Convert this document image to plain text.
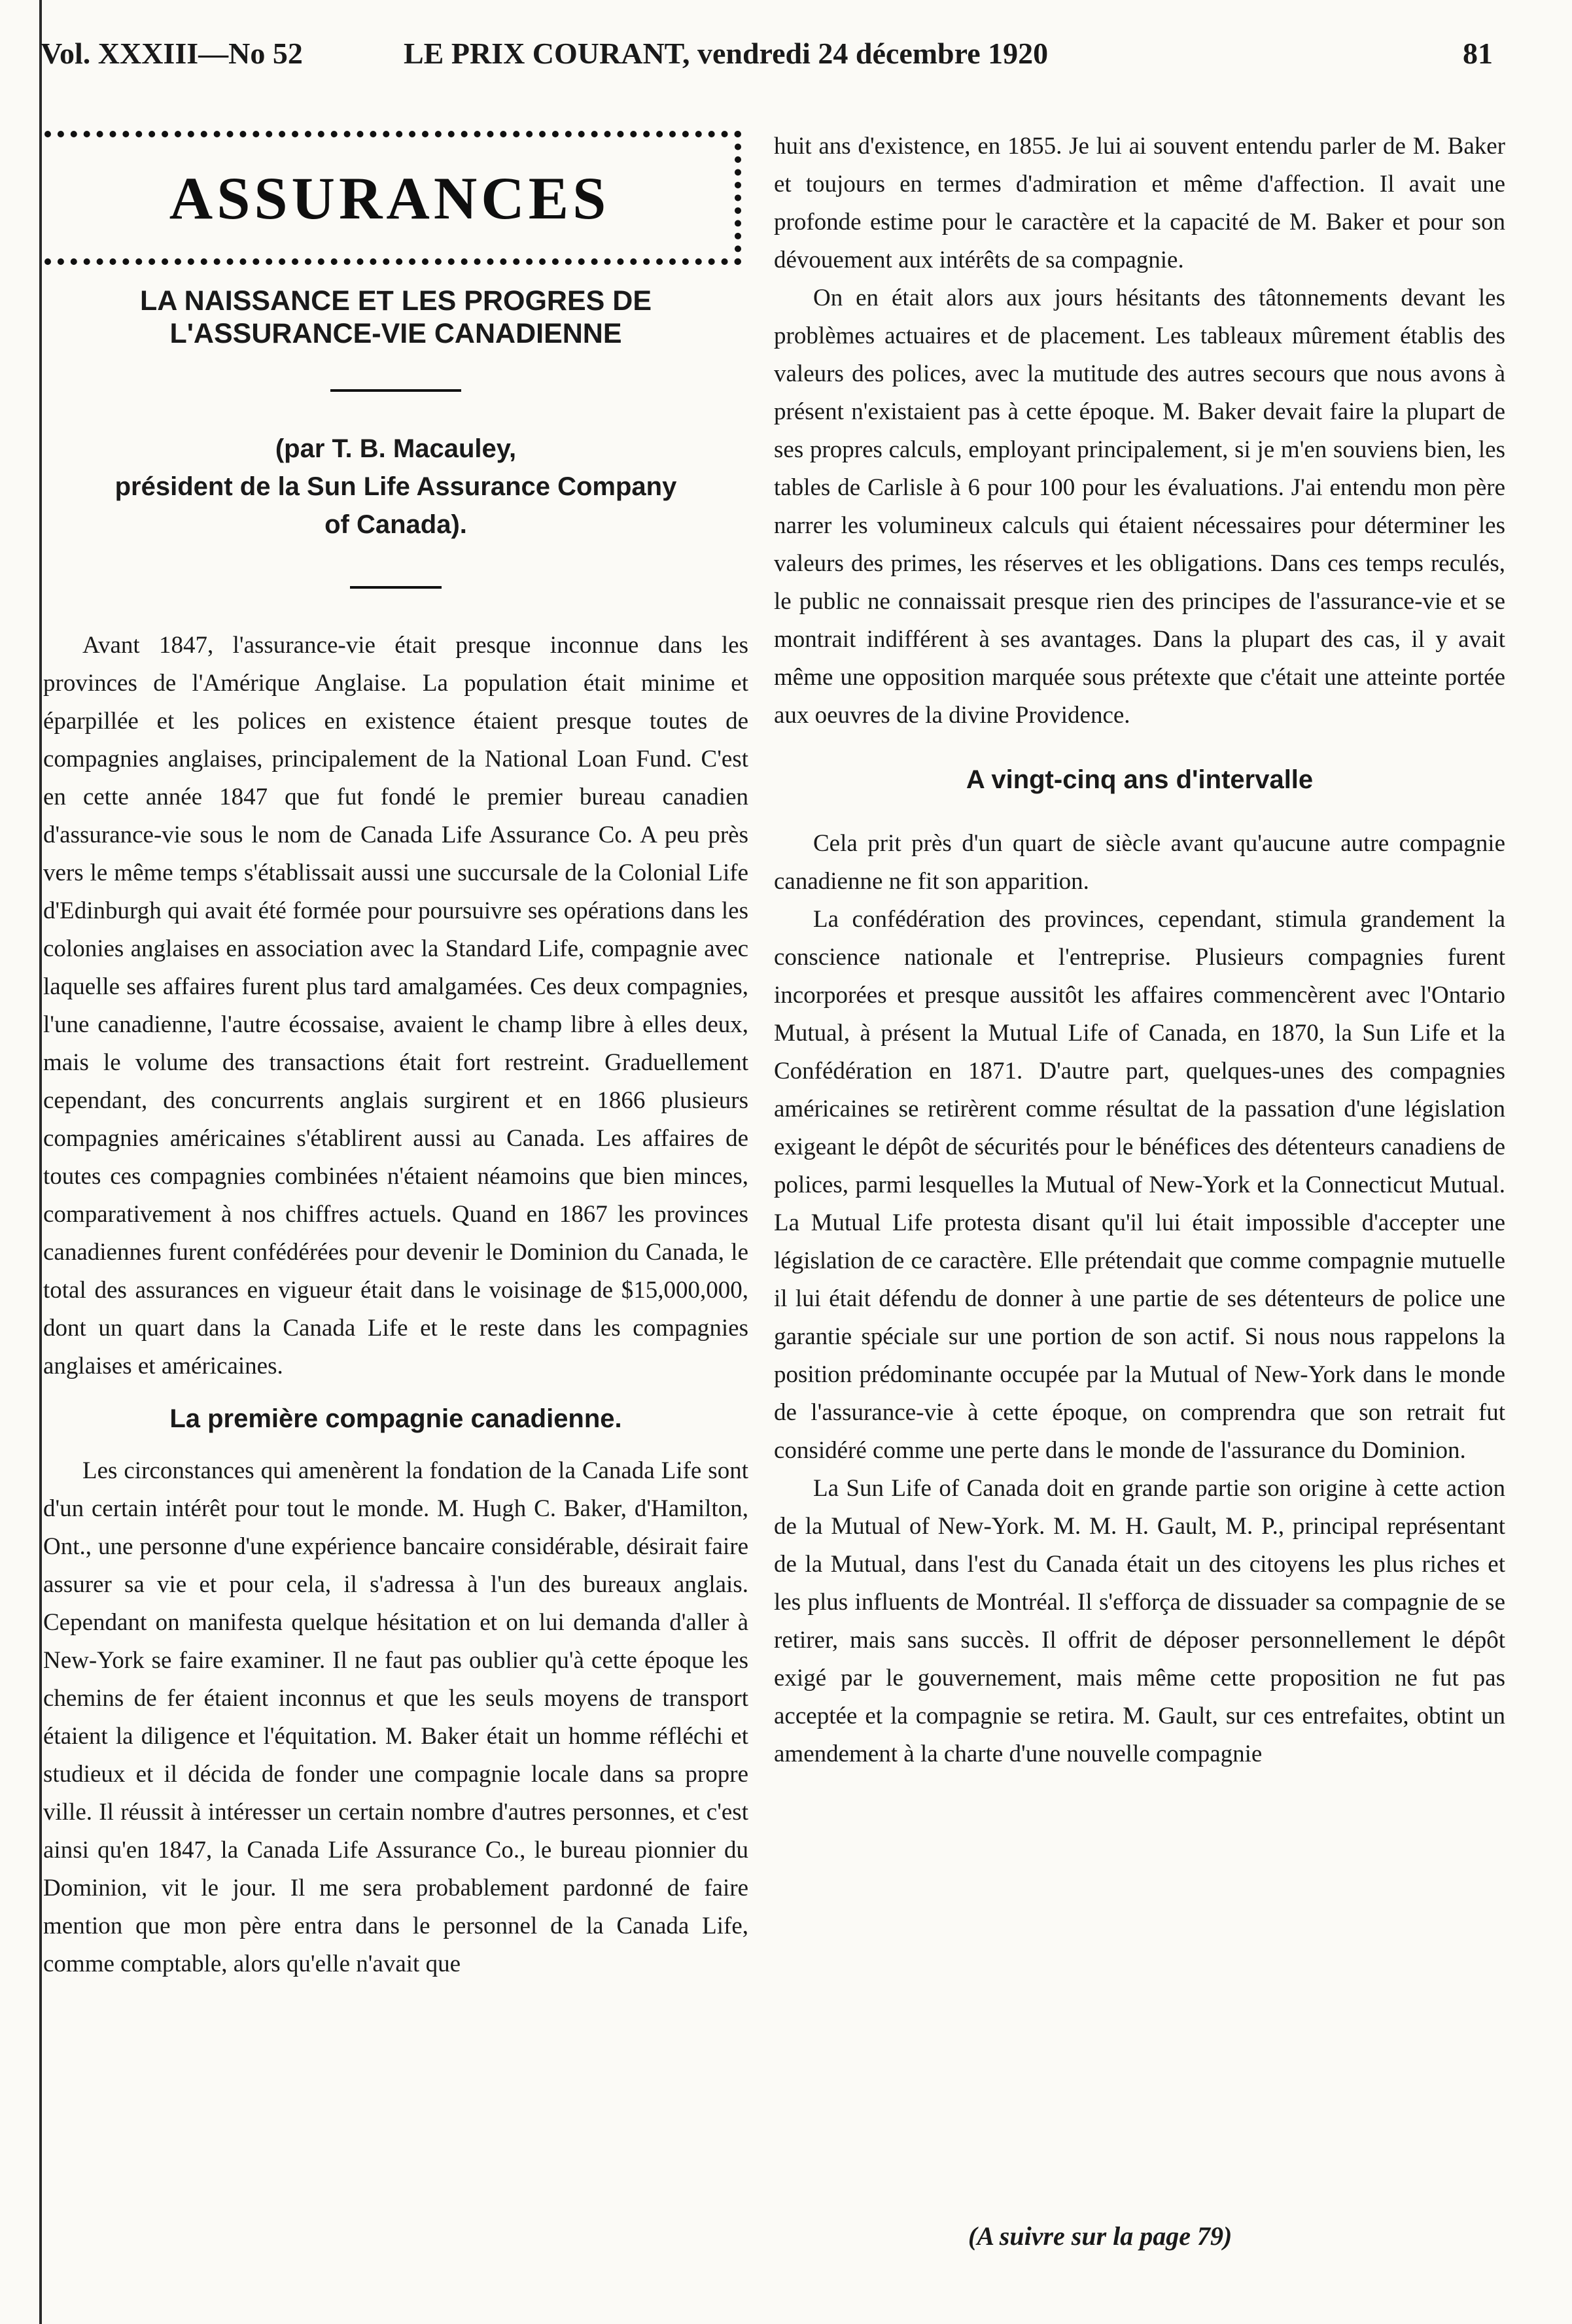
Vol. XXXIII—No 52	LE PRIX COURANT, vendredi 24 décembre 1920	81
ASSURANCES
LA NAISSANCE ET LES PROGRES DE
L'ASSURANCE-VIE CANADIENNE
(par T. B. Macauley,
président de la Sun Life Assurance Company
of Canada).

Avant 1847, l'assurance-vie était presque inconnue dans les provinces de l'Amérique Anglaise. La population était minime et éparpillée et les polices en existence étaient presque toutes de compagnies anglaises, principalement de la National Loan Fund. C'est en cette année 1847 que fut fondé le premier bureau canadien d'assurance-vie sous le nom de Canada Life Assurance Co. A peu près vers le même temps s'établissait aussi une succursale de la Colonial Life d'Edinburgh qui avait été formée pour poursuivre ses opérations dans les colonies anglaises en association avec la Standard Life, compagnie avec laquelle ses affaires furent plus tard amalgamées. Ces deux compagnies, l'une canadienne, l'autre écossaise, avaient le champ libre à elles deux, mais le volume des transactions était fort restreint. Graduellement cependant, des concurrents anglais surgirent et en 1866 plusieurs compagnies américaines s'établirent aussi au Canada. Les affaires de toutes ces compagnies combinées n'étaient néamoins que bien minces, comparativement à nos chiffres actuels. Quand en 1867 les provinces canadiennes furent confédérées pour devenir le Dominion du Canada, le total des assurances en vigueur était dans le voisinage de $15,000,000, dont un quart dans la Canada Life et le reste dans les compagnies anglaises et américaines.

La première compagnie canadienne.

Les circonstances qui amenèrent la fondation de la Canada Life sont d'un certain intérêt pour tout le monde. M. Hugh C. Baker, d'Hamilton, Ont., une personne d'une expérience bancaire considérable, désirait faire assurer sa vie et pour cela, il s'adressa à l'un des bureaux anglais. Cependant on manifesta quelque hésitation et on lui demanda d'aller à New-York se faire examiner. Il ne faut pas oublier qu'à cette époque les chemins de fer étaient inconnus et que les seuls moyens de transport étaient la diligence et l'équitation. M. Baker était un homme réfléchi et studieux et il décida de fonder une compagnie locale dans sa propre ville. Il réussit à intéresser un certain nombre d'autres personnes, et c'est ainsi qu'en 1847, la Canada Life Assurance Co., le bureau pionnier du Dominion, vit le jour. Il me sera probablement pardonné de faire mention que mon père entra dans le personnel de la Canada Life, comme comptable, alors qu'elle n'avait que

huit ans d'existence, en 1855. Je lui ai souvent entendu parler de M. Baker et toujours en termes d'admiration et même d'affection. Il avait une profonde estime pour le caractère et la capacité de M. Baker et pour son dévouement aux intérêts de sa compagnie.

On en était alors aux jours hésitants des tâtonnements devant les problèmes actuaires et de placement. Les tableaux mûrement établis des valeurs des polices, avec la mutitude des autres secours que nous avons à présent n'existaient pas à cette époque. M. Baker devait faire la plupart de ses propres calculs, employant principalement, si je m'en souviens bien, les tables de Carlisle à 6 pour 100 pour les évaluations. J'ai entendu mon père narrer les volumineux calculs qui étaient nécessaires pour déterminer les valeurs des primes, les réserves et les obligations. Dans ces temps reculés, le public ne connaissait presque rien des principes de l'assurance-vie et se montrait indifférent à ses avantages. Dans la plupart des cas, il y avait même une opposition marquée sous prétexte que c'était une atteinte portée aux oeuvres de la divine Providence.

A vingt-cinq ans d'intervalle

Cela prit près d'un quart de siècle avant qu'aucune autre compagnie canadienne ne fit son apparition.

La confédération des provinces, cependant, stimula grandement la conscience nationale et l'entreprise. Plusieurs compagnies furent incorporées et presque aussitôt les affaires commencèrent avec l'Ontario Mutual, à présent la Mutual Life of Canada, en 1870, la Sun Life et la Confédération en 1871. D'autre part, quelques-unes des compagnies américaines se retirèrent comme résultat de la passation d'une législation exigeant le dépôt de sécurités pour le bénéfices des détenteurs canadiens de polices, parmi lesquelles la Mutual of New-York et la Connecticut Mutual. La Mutual Life protesta disant qu'il lui était impossible d'accepter une législation de ce caractère. Elle prétendait que comme compagnie mutuelle il lui était défendu de donner à une partie de ses détenteurs de police une garantie spéciale sur une portion de son actif. Si nous nous rappelons la position prédominante occupée par la Mutual of New-York dans le monde de l'assurance-vie à cette époque, on comprendra que son retrait fut considéré comme une perte dans le monde de l'assurance du Dominion.

La Sun Life of Canada doit en grande partie son origine à cette action de la Mutual of New-York. M. M. H. Gault, M. P., principal représentant de la Mutual, dans l'est du Canada était un des citoyens les plus riches et les plus influents de Montréal. Il s'efforça de dissuader sa compagnie de se retirer, mais sans succès. Il offrit de déposer personnellement le dépôt exigé par le gouvernement, mais même cette proposition ne fut pas acceptée et la compagnie se retira. M. Gault, sur ces entrefaites, obtint un amendement à la charte d'une nouvelle compagnie

(A suivre sur la page 79)
